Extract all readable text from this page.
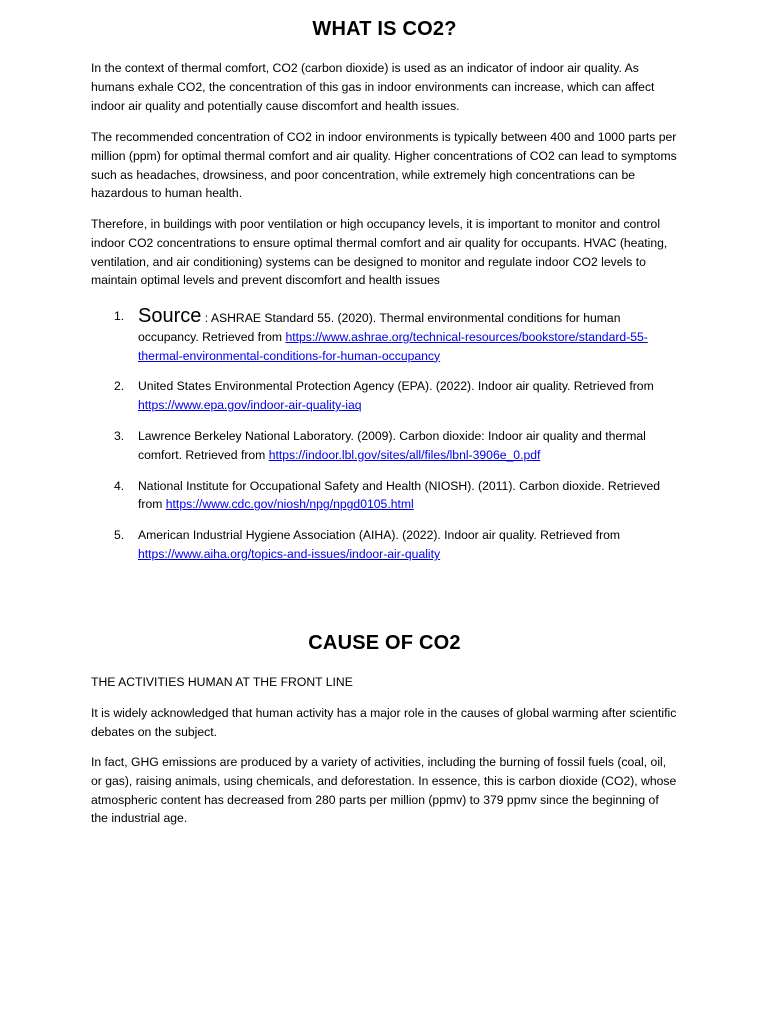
WHAT IS CO2?

In the context of thermal comfort, CO2 (carbon dioxide) is used as an indicator of indoor air quality. As humans exhale CO2, the concentration of this gas in indoor environments can increase, which can affect indoor air quality and potentially cause discomfort and health issues.

The recommended concentration of CO2 in indoor environments is typically between 400 and 1000 parts per million (ppm) for optimal thermal comfort and air quality. Higher concentrations of CO2 can lead to symptoms such as headaches, drowsiness, and poor concentration, while extremely high concentrations can be hazardous to human health.

Therefore, in buildings with poor ventilation or high occupancy levels, it is important to monitor and control indoor CO2 concentrations to ensure optimal thermal comfort and air quality for occupants. HVAC (heating, ventilation, and air conditioning) systems can be designed to monitor and regulate indoor CO2 levels to maintain optimal levels and prevent discomfort and health issues

1. Source : ASHRAE Standard 55. (2020). Thermal environmental conditions for human occupancy. Retrieved from https://www.ashrae.org/technical-resources/bookstore/standard-55-thermal-environmental-conditions-for-human-occupancy
2. United States Environmental Protection Agency (EPA). (2022). Indoor air quality. Retrieved from https://www.epa.gov/indoor-air-quality-iaq
3. Lawrence Berkeley National Laboratory. (2009). Carbon dioxide: Indoor air quality and thermal comfort. Retrieved from https://indoor.lbl.gov/sites/all/files/lbnl-3906e_0.pdf
4. National Institute for Occupational Safety and Health (NIOSH). (2011). Carbon dioxide. Retrieved from https://www.cdc.gov/niosh/npg/npgd0105.html
5. American Industrial Hygiene Association (AIHA). (2022). Indoor air quality. Retrieved from https://www.aiha.org/topics-and-issues/indoor-air-quality
CAUSE OF CO2

THE ACTIVITIES HUMAN AT THE FRONT LINE

It is widely acknowledged that human activity has a major role in the causes of global warming after scientific debates on the subject.

In fact, GHG emissions are produced by a variety of activities, including the burning of fossil fuels (coal, oil, or gas), raising animals, using chemicals, and deforestation. In essence, this is carbon dioxide (CO2), whose atmospheric content has decreased from 280 parts per million (ppmv) to 379 ppmv since the beginning of the industrial age.
